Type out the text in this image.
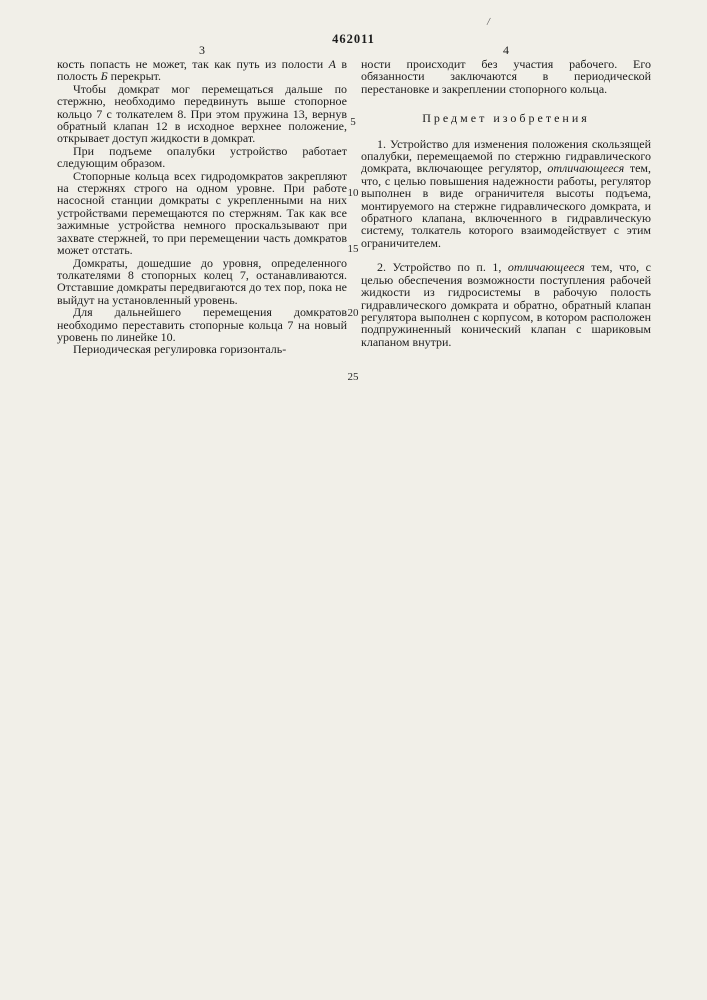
462011
/
3	4

кость попасть не может, так как путь из полости А в полость Б перекрыт.

Чтобы домкрат мог перемещаться дальше по стержню, необходимо передвинуть выше стопорное кольцо 7 с толкателем 8. При этом пружина 13, вернув обратный клапан 12 в исходное верхнее положение, открывает доступ жидкости в домкрат.

При подъеме опалубки устройство работает следующим образом.

Стопорные кольца всех гидродомкратов закрепляют на стержнях строго на одном уровне. При работе насосной станции домкраты с укрепленными на них устройствами перемещаются по стержням. Так как все зажимные устройства немного проскальзывают при захвате стержней, то при перемещении часть домкратов может отстать.

Домкраты, дошедшие до уровня, определенного толкателями 8 стопорных колец 7, останавливаются. Отставшие домкраты передвигаются до тех пор, пока не выйдут на установленный уровень.

Для дальнейшего перемещения домкратов необходимо переставить стопорные кольца 7 на новый уровень по линейке 10.

Периодическая регулировка горизонталь-

ности происходит без участия рабочего. Его обязанности заключаются в периодической перестановке и закреплении стопорного кольца.

Предмет изобретения

1. Устройство для изменения положения скользящей опалубки, перемещаемой по стержню гидравлического домкрата, включающее регулятор, отличающееся тем, что, с целью повышения надежности работы, регулятор выполнен в виде ограничителя высоты подъема, монтируемого на стержне гидравлического домкрата, и обратного клапана, включенного в гидравлическую систему, толкатель которого взаимодействует с этим ограничителем.

2. Устройство по п. 1, отличающееся тем, что, с целью обеспечения возможности поступления рабочей жидкости из гидросистемы в рабочую полость гидравлического домкрата и обратно, обратный клапан регулятора выполнен с корпусом, в котором расположен подпружиненный конический клапан с шариковым клапаном внутри.

5
10
15
20
25
